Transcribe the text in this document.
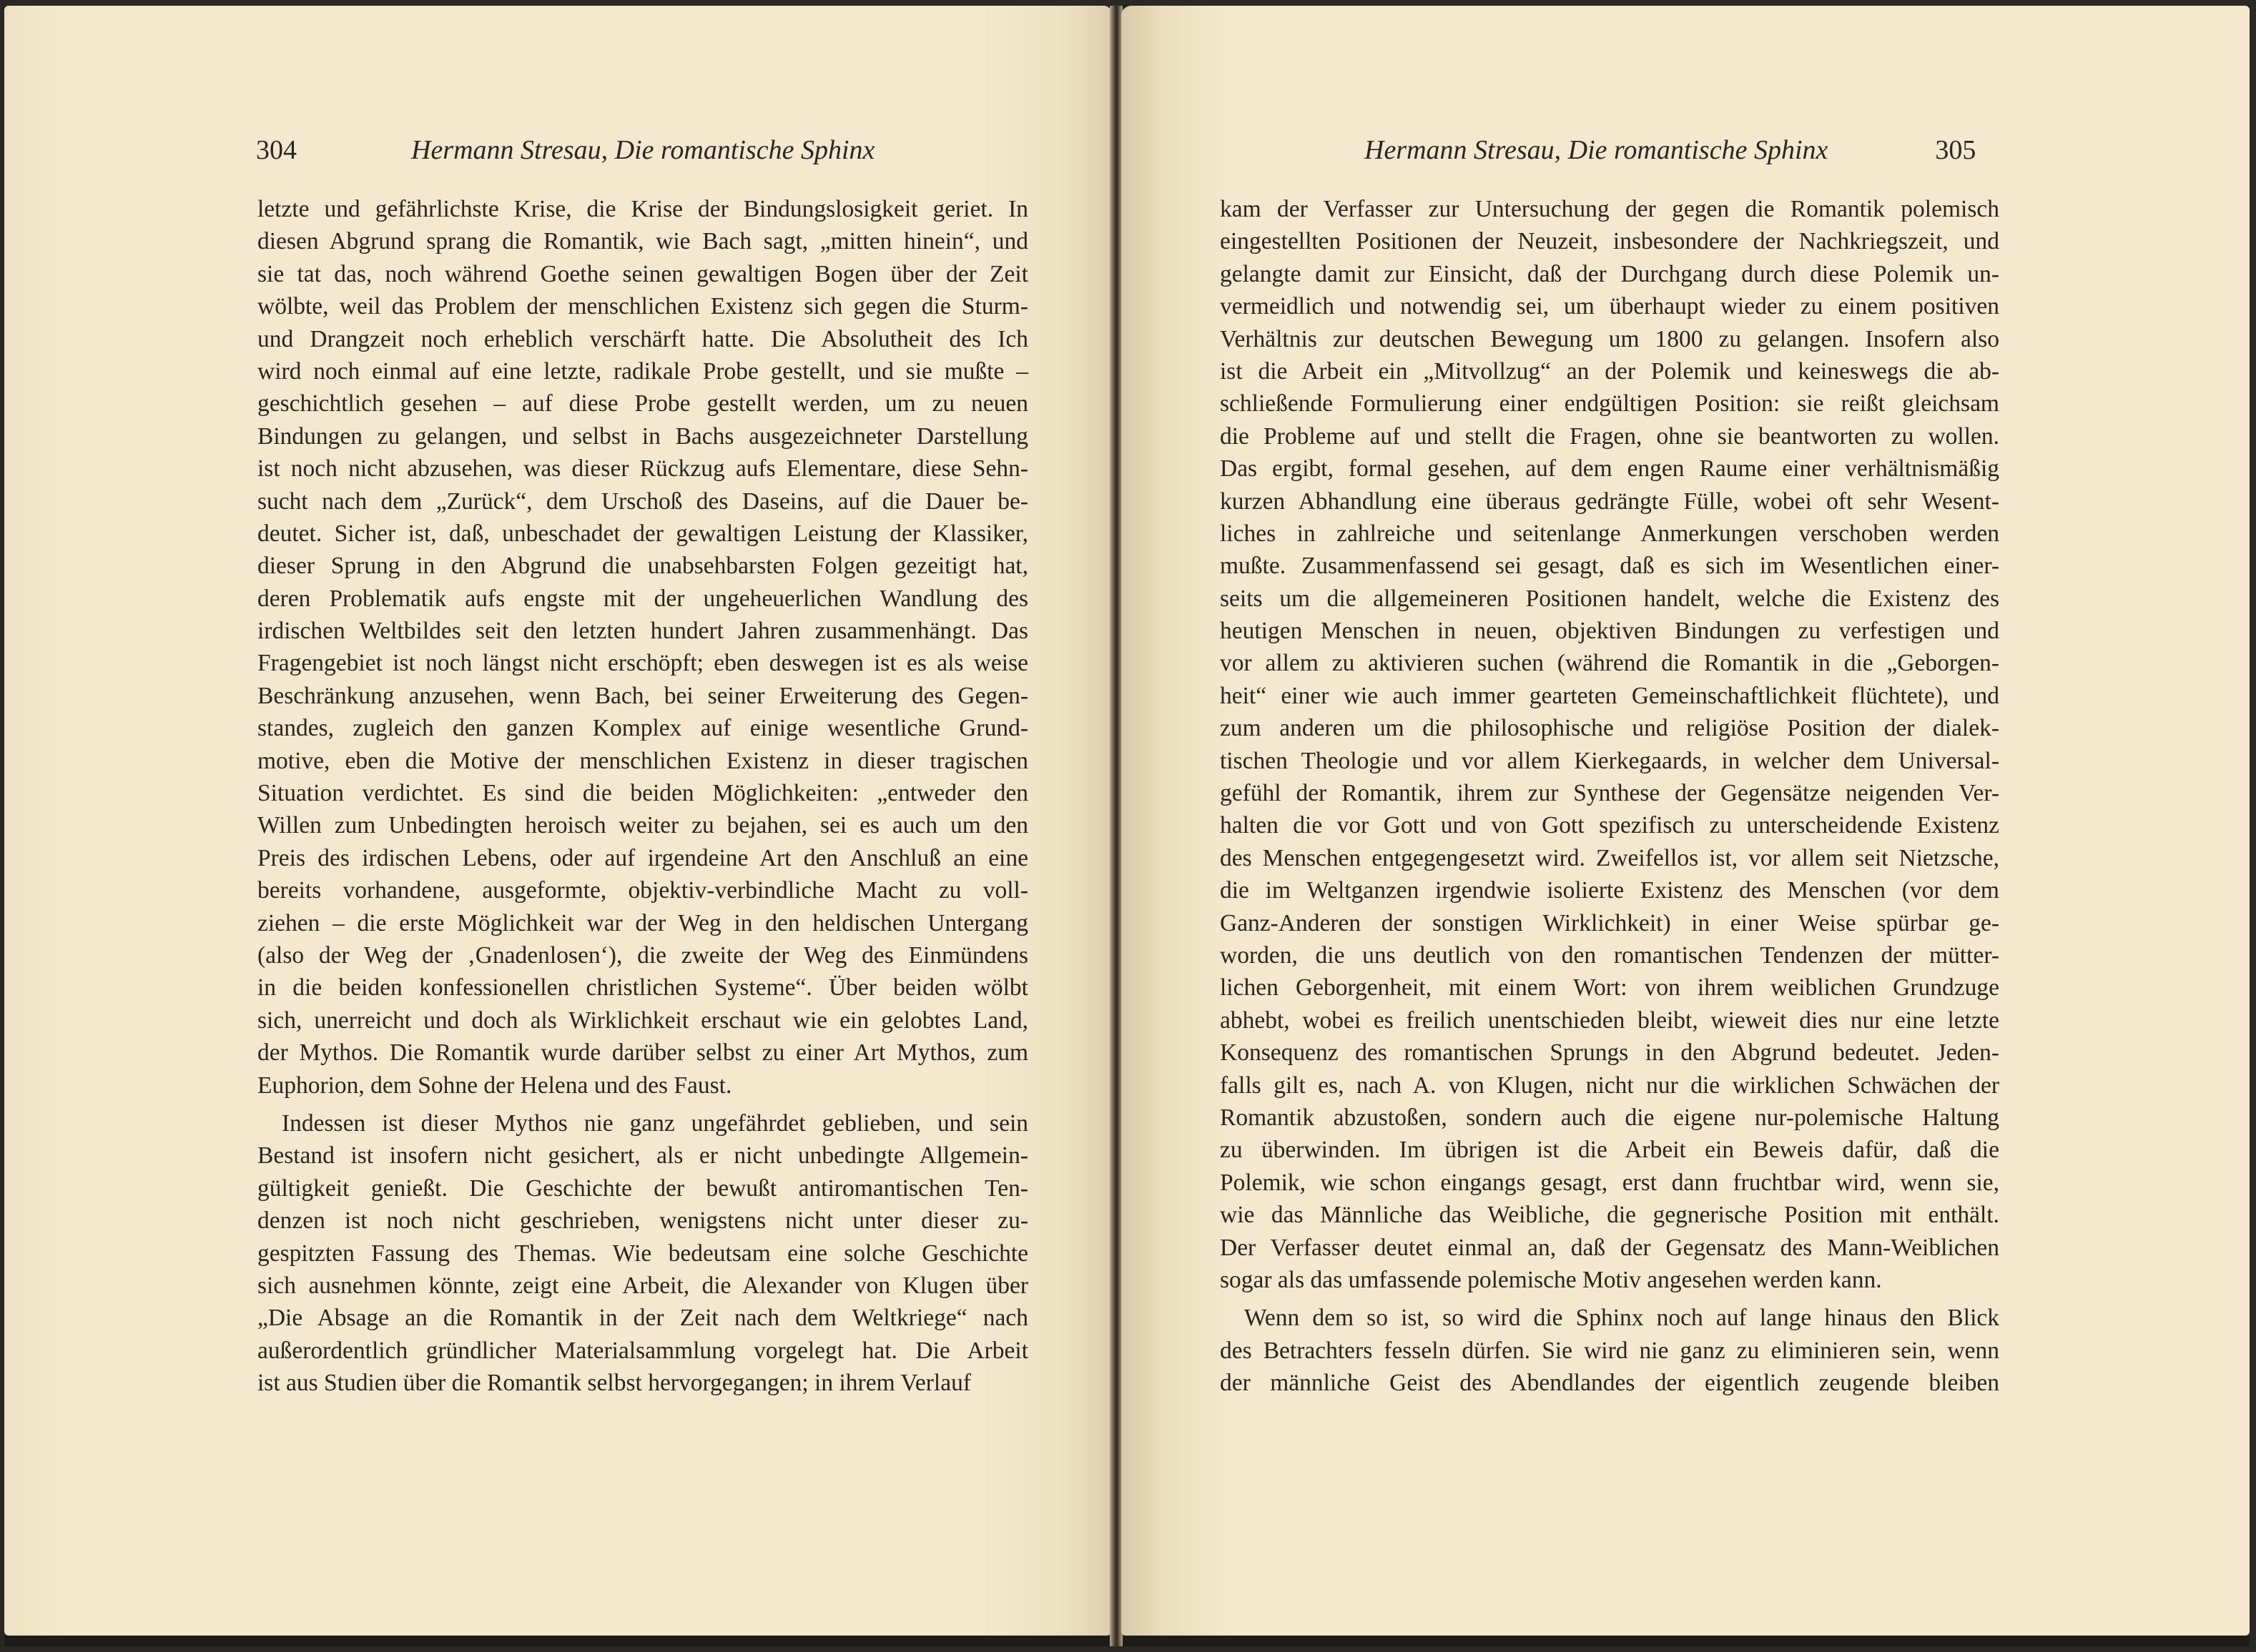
304	Hermann Stresau, Die romantische Sphinx
letzte und gefährlichste Krise, die Krise der Bindungslosigkeit geriet. In
diesen Abgrund sprang die Romantik, wie Bach sagt, „mitten hinein“, und
sie tat das, noch während Goethe seinen gewaltigen Bogen über der Zeit
wölbte, weil das Problem der menschlichen Existenz sich gegen die Sturm-
und Drangzeit noch erheblich verschärft hatte. Die Absolutheit des Ich
wird noch einmal auf eine letzte, radikale Probe gestellt, und sie mußte –
geschichtlich gesehen – auf diese Probe gestellt werden, um zu neuen
Bindungen zu gelangen, und selbst in Bachs ausgezeichneter Darstellung
ist noch nicht abzusehen, was dieser Rückzug aufs Elementare, diese Sehn-
sucht nach dem „Zurück“, dem Urschoß des Daseins, auf die Dauer be-
deutet. Sicher ist, daß, unbeschadet der gewaltigen Leistung der Klassiker,
dieser Sprung in den Abgrund die unabsehbarsten Folgen gezeitigt hat,
deren Problematik aufs engste mit der ungeheuerlichen Wandlung des
irdischen Weltbildes seit den letzten hundert Jahren zusammenhängt. Das
Fragengebiet ist noch längst nicht erschöpft; eben deswegen ist es als weise
Beschränkung anzusehen, wenn Bach, bei seiner Erweiterung des Gegen-
standes, zugleich den ganzen Komplex auf einige wesentliche Grund-
motive, eben die Motive der menschlichen Existenz in dieser tragischen
Situation verdichtet. Es sind die beiden Möglichkeiten: „entweder den
Willen zum Unbedingten heroisch weiter zu bejahen, sei es auch um den
Preis des irdischen Lebens, oder auf irgendeine Art den Anschluß an eine
bereits vorhandene, ausgeformte, objektiv-verbindliche Macht zu voll-
ziehen – die erste Möglichkeit war der Weg in den heldischen Untergang
(also der Weg der ‚Gnadenlosen‘), die zweite der Weg des Einmündens
in die beiden konfessionellen christlichen Systeme“. Über beiden wölbt
sich, unerreicht und doch als Wirklichkeit erschaut wie ein gelobtes Land,
der Mythos. Die Romantik wurde darüber selbst zu einer Art Mythos, zum
Euphorion, dem Sohne der Helena und des Faust.
Indessen ist dieser Mythos nie ganz ungefährdet geblieben, und sein
Bestand ist insofern nicht gesichert, als er nicht unbedingte Allgemein-
gültigkeit genießt. Die Geschichte der bewußt antiromantischen Ten-
denzen ist noch nicht geschrieben, wenigstens nicht unter dieser zu-
gespitzten Fassung des Themas. Wie bedeutsam eine solche Geschichte
sich ausnehmen könnte, zeigt eine Arbeit, die Alexander von Klugen über
„Die Absage an die Romantik in der Zeit nach dem Weltkriege“ nach
außerordentlich gründlicher Materialsammlung vorgelegt hat. Die Arbeit
ist aus Studien über die Romantik selbst hervorgegangen; in ihrem Verlauf
Hermann Stresau, Die romantische Sphinx	305
kam der Verfasser zur Untersuchung der gegen die Romantik polemisch
eingestellten Positionen der Neuzeit, insbesondere der Nachkriegszeit, und
gelangte damit zur Einsicht, daß der Durchgang durch diese Polemik un-
vermeidlich und notwendig sei, um überhaupt wieder zu einem positiven
Verhältnis zur deutschen Bewegung um 1800 zu gelangen. Insofern also
ist die Arbeit ein „Mitvollzug“ an der Polemik und keineswegs die ab-
schließende Formulierung einer endgültigen Position: sie reißt gleichsam
die Probleme auf und stellt die Fragen, ohne sie beantworten zu wollen.
Das ergibt, formal gesehen, auf dem engen Raume einer verhältnismäßig
kurzen Abhandlung eine überaus gedrängte Fülle, wobei oft sehr Wesent-
liches in zahlreiche und seitenlange Anmerkungen verschoben werden
mußte. Zusammenfassend sei gesagt, daß es sich im Wesentlichen einer-
seits um die allgemeineren Positionen handelt, welche die Existenz des
heutigen Menschen in neuen, objektiven Bindungen zu verfestigen und
vor allem zu aktivieren suchen (während die Romantik in die „Geborgen-
heit“ einer wie auch immer gearteten Gemeinschaftlichkeit flüchtete), und
zum anderen um die philosophische und religiöse Position der dialek-
tischen Theologie und vor allem Kierkegaards, in welcher dem Universal-
gefühl der Romantik, ihrem zur Synthese der Gegensätze neigenden Ver-
halten die vor Gott und von Gott spezifisch zu unterscheidende Existenz
des Menschen entgegengesetzt wird. Zweifellos ist, vor allem seit Nietzsche,
die im Weltganzen irgendwie isolierte Existenz des Menschen (vor dem
Ganz-Anderen der sonstigen Wirklichkeit) in einer Weise spürbar ge-
worden, die uns deutlich von den romantischen Tendenzen der mütter-
lichen Geborgenheit, mit einem Wort: von ihrem weiblichen Grundzuge
abhebt, wobei es freilich unentschieden bleibt, wieweit dies nur eine letzte
Konsequenz des romantischen Sprungs in den Abgrund bedeutet. Jeden-
falls gilt es, nach A. von Klugen, nicht nur die wirklichen Schwächen der
Romantik abzustoßen, sondern auch die eigene nur-polemische Haltung
zu überwinden. Im übrigen ist die Arbeit ein Beweis dafür, daß die
Polemik, wie schon eingangs gesagt, erst dann fruchtbar wird, wenn sie,
wie das Männliche das Weibliche, die gegnerische Position mit enthält.
Der Verfasser deutet einmal an, daß der Gegensatz des Mann-Weiblichen
sogar als das umfassende polemische Motiv angesehen werden kann.
Wenn dem so ist, so wird die Sphinx noch auf lange hinaus den Blick
des Betrachters fesseln dürfen. Sie wird nie ganz zu eliminieren sein, wenn
der männliche Geist des Abendlandes der eigentlich zeugende bleiben
